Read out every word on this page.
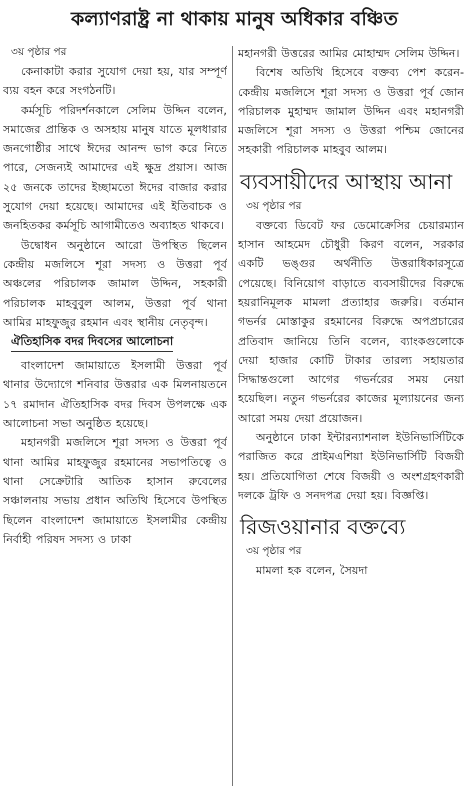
কল্যাণরাষ্ট্র না থাকায় মানুষ অধিকার বঞ্চিত
৩য় পৃষ্ঠার পর

কেনাকাটা করার সুযোগ দেয়া হয়, যার সম্পূর্ণ ব্যয় বহন করে সংগঠনটি।

কর্মসূচি পরিদর্শনকালে সেলিম উদ্দিন বলেন, সমাজের প্রান্তিক ও অসহায় মানুষ যাতে মূলধারার জনগোষ্ঠীর সাথে ঈদের আনন্দ ভাগ করে নিতে পারে, সেজন্যই আমাদের এই ক্ষুদ্র প্রয়াস। আজ ২৫ জনকে তাদের ইচ্ছামতো ঈদের বাজার করার সুযোগ দেয়া হয়েছে। আমাদের এই ইতিবাচক ও জনহিতকর কর্মসূচি আগামীতেও অব্যাহত থাকবে।

উদ্বোধন অনুষ্ঠানে আরো উপস্থিত ছিলেন কেন্দ্রীয় মজলিসে শূরা সদস্য ও উত্তরা পূর্ব অঞ্চলের পরিচালক জামাল উদ্দিন, সহকারী পরিচালক মাহবুবুল আলম, উত্তরা পূর্ব থানা আমির মাহফুজুর রহমান এবং স্থানীয় নেতৃবৃন্দ।

ঐতিহাসিক বদর দিবসের আলোচনা

বাংলাদেশ জামায়াতে ইসলামী উত্তরা পূর্ব থানার উদ্যোগে শনিবার উত্তরার এক মিলনায়তনে ১৭ রমাদান ঐতিহাসিক বদর দিবস উপলক্ষে এক আলোচনা সভা অনুষ্ঠিত হয়েছে।

মহানগরী মজলিসে শূরা সদস্য ও উত্তরা পূর্ব থানা আমির মাহফুজুর রহমানের সভাপতিত্বে ও থানা সেক্রেটারি আতিক হাসান রুবেলের সঞ্চালনায় সভায় প্রধান অতিথি হিসেবে উপস্থিত ছিলেন বাংলাদেশ জামায়াতে ইসলামীর কেন্দ্রীয় নির্বাহী পরিষদ সদস্য ও ঢাকা

মহানগরী উত্তরের আমির মোহাম্মদ সেলিম উদ্দিন।

বিশেষ অতিথি হিসেবে বক্তব্য পেশ করেন- কেন্দ্রীয় মজলিসে শূরা সদস্য ও উত্তরা পূর্ব জোন পরিচালক মুহাম্মদ জামাল উদ্দিন এবং মহানগরী মজলিসে শূরা সদস্য ও উত্তরা পশ্চিম জোনের সহকারী পরিচালক মাহবুব আলম।

ব্যবসায়ীদের আস্থায় আনা
৩য় পৃষ্ঠার পর

বক্তব্যে ডিবেট ফর ডেমোক্রেসির চেয়ারম্যান হাসান আহমেদ চৌধুরী কিরণ বলেন, সরকার একটি ভঙ্গুর অর্থনীতি উত্তরাধিকারসূত্রে পেয়েছে। বিনিয়োগ বাড়াতে ব্যবসায়ীদের বিরুদ্ধে হয়রানিমূলক মামলা প্রত্যাহার জরুরি। বর্তমান গভর্নর মোস্তাকুর রহমানের বিরুদ্ধে অপপ্রচারের প্রতিবাদ জানিয়ে তিনি বলেন, ব্যাংকগুলোকে দেয়া হাজার কোটি টাকার তারল্য সহায়তার সিদ্ধান্তগুলো আগের গভর্নরের সময় নেয়া হয়েছিল। নতুন গভর্নরের কাজের মূল্যায়নের জন্য আরো সময় দেয়া প্রয়োজন।

অনুষ্ঠানে ঢাকা ইন্টারন্যাশনাল ইউনিভার্সিটিকে পরাজিত করে প্রাইমএশিয়া ইউনিভার্সিটি বিজয়ী হয়। প্রতিযোগিতা শেষে বিজয়ী ও অংশগ্রহণকারী দলকে ট্রফি ও সনদপত্র দেয়া হয়। বিজ্ঞপ্তি।

রিজওয়ানার বক্তব্যে
৩য় পৃষ্ঠার পর

মামলা হক বলেন, সৈয়দা
